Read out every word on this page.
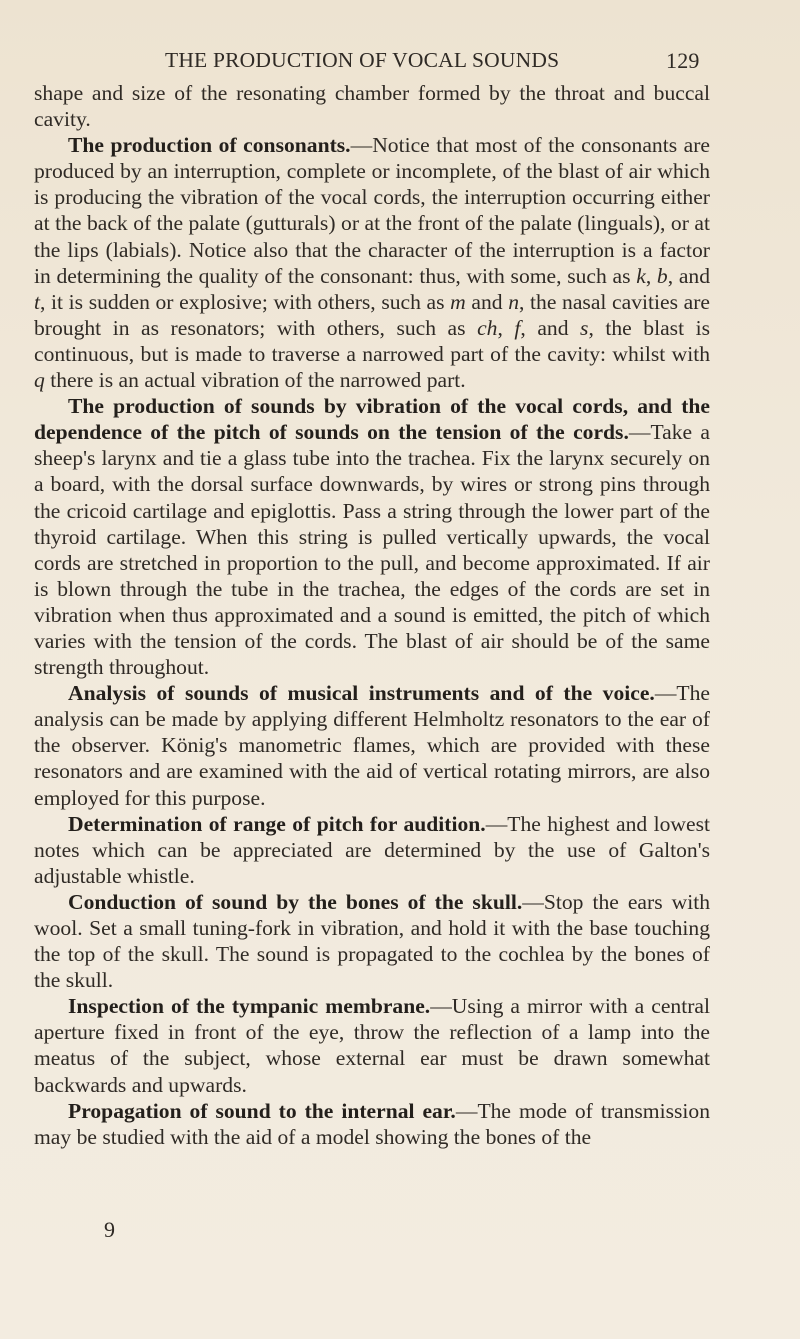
THE PRODUCTION OF VOCAL SOUNDS	129

shape and size of the resonating chamber formed by the throat and buccal cavity.

The production of consonants.—Notice that most of the consonants are produced by an interruption, complete or incomplete, of the blast of air which is producing the vibration of the vocal cords, the interruption occurring either at the back of the palate (gutturals) or at the front of the palate (linguals), or at the lips (labials). Notice also that the character of the interruption is a factor in determining the quality of the consonant: thus, with some, such as k, b, and t, it is sudden or explosive; with others, such as m and n, the nasal cavities are brought in as resonators; with others, such as ch, f, and s, the blast is continuous, but is made to traverse a narrowed part of the cavity: whilst with q there is an actual vibration of the narrowed part.

The production of sounds by vibration of the vocal cords, and the dependence of the pitch of sounds on the tension of the cords.—Take a sheep's larynx and tie a glass tube into the trachea. Fix the larynx securely on a board, with the dorsal surface downwards, by wires or strong pins through the cricoid cartilage and epiglottis. Pass a string through the lower part of the thyroid cartilage. When this string is pulled vertically upwards, the vocal cords are stretched in proportion to the pull, and become approximated. If air is blown through the tube in the trachea, the edges of the cords are set in vibration when thus approximated and a sound is emitted, the pitch of which varies with the tension of the cords. The blast of air should be of the same strength throughout.

Analysis of sounds of musical instruments and of the voice.—The analysis can be made by applying different Helmholtz resonators to the ear of the observer. König's manometric flames, which are provided with these resonators and are examined with the aid of vertical rotating mirrors, are also employed for this purpose.

Determination of range of pitch for audition.—The highest and lowest notes which can be appreciated are determined by the use of Galton's adjustable whistle.

Conduction of sound by the bones of the skull.—Stop the ears with wool. Set a small tuning-fork in vibration, and hold it with the base touching the top of the skull. The sound is propagated to the cochlea by the bones of the skull.

Inspection of the tympanic membrane.—Using a mirror with a central aperture fixed in front of the eye, throw the reflection of a lamp into the meatus of the subject, whose external ear must be drawn somewhat backwards and upwards.

Propagation of sound to the internal ear.—The mode of transmission may be studied with the aid of a model showing the bones of the

9
